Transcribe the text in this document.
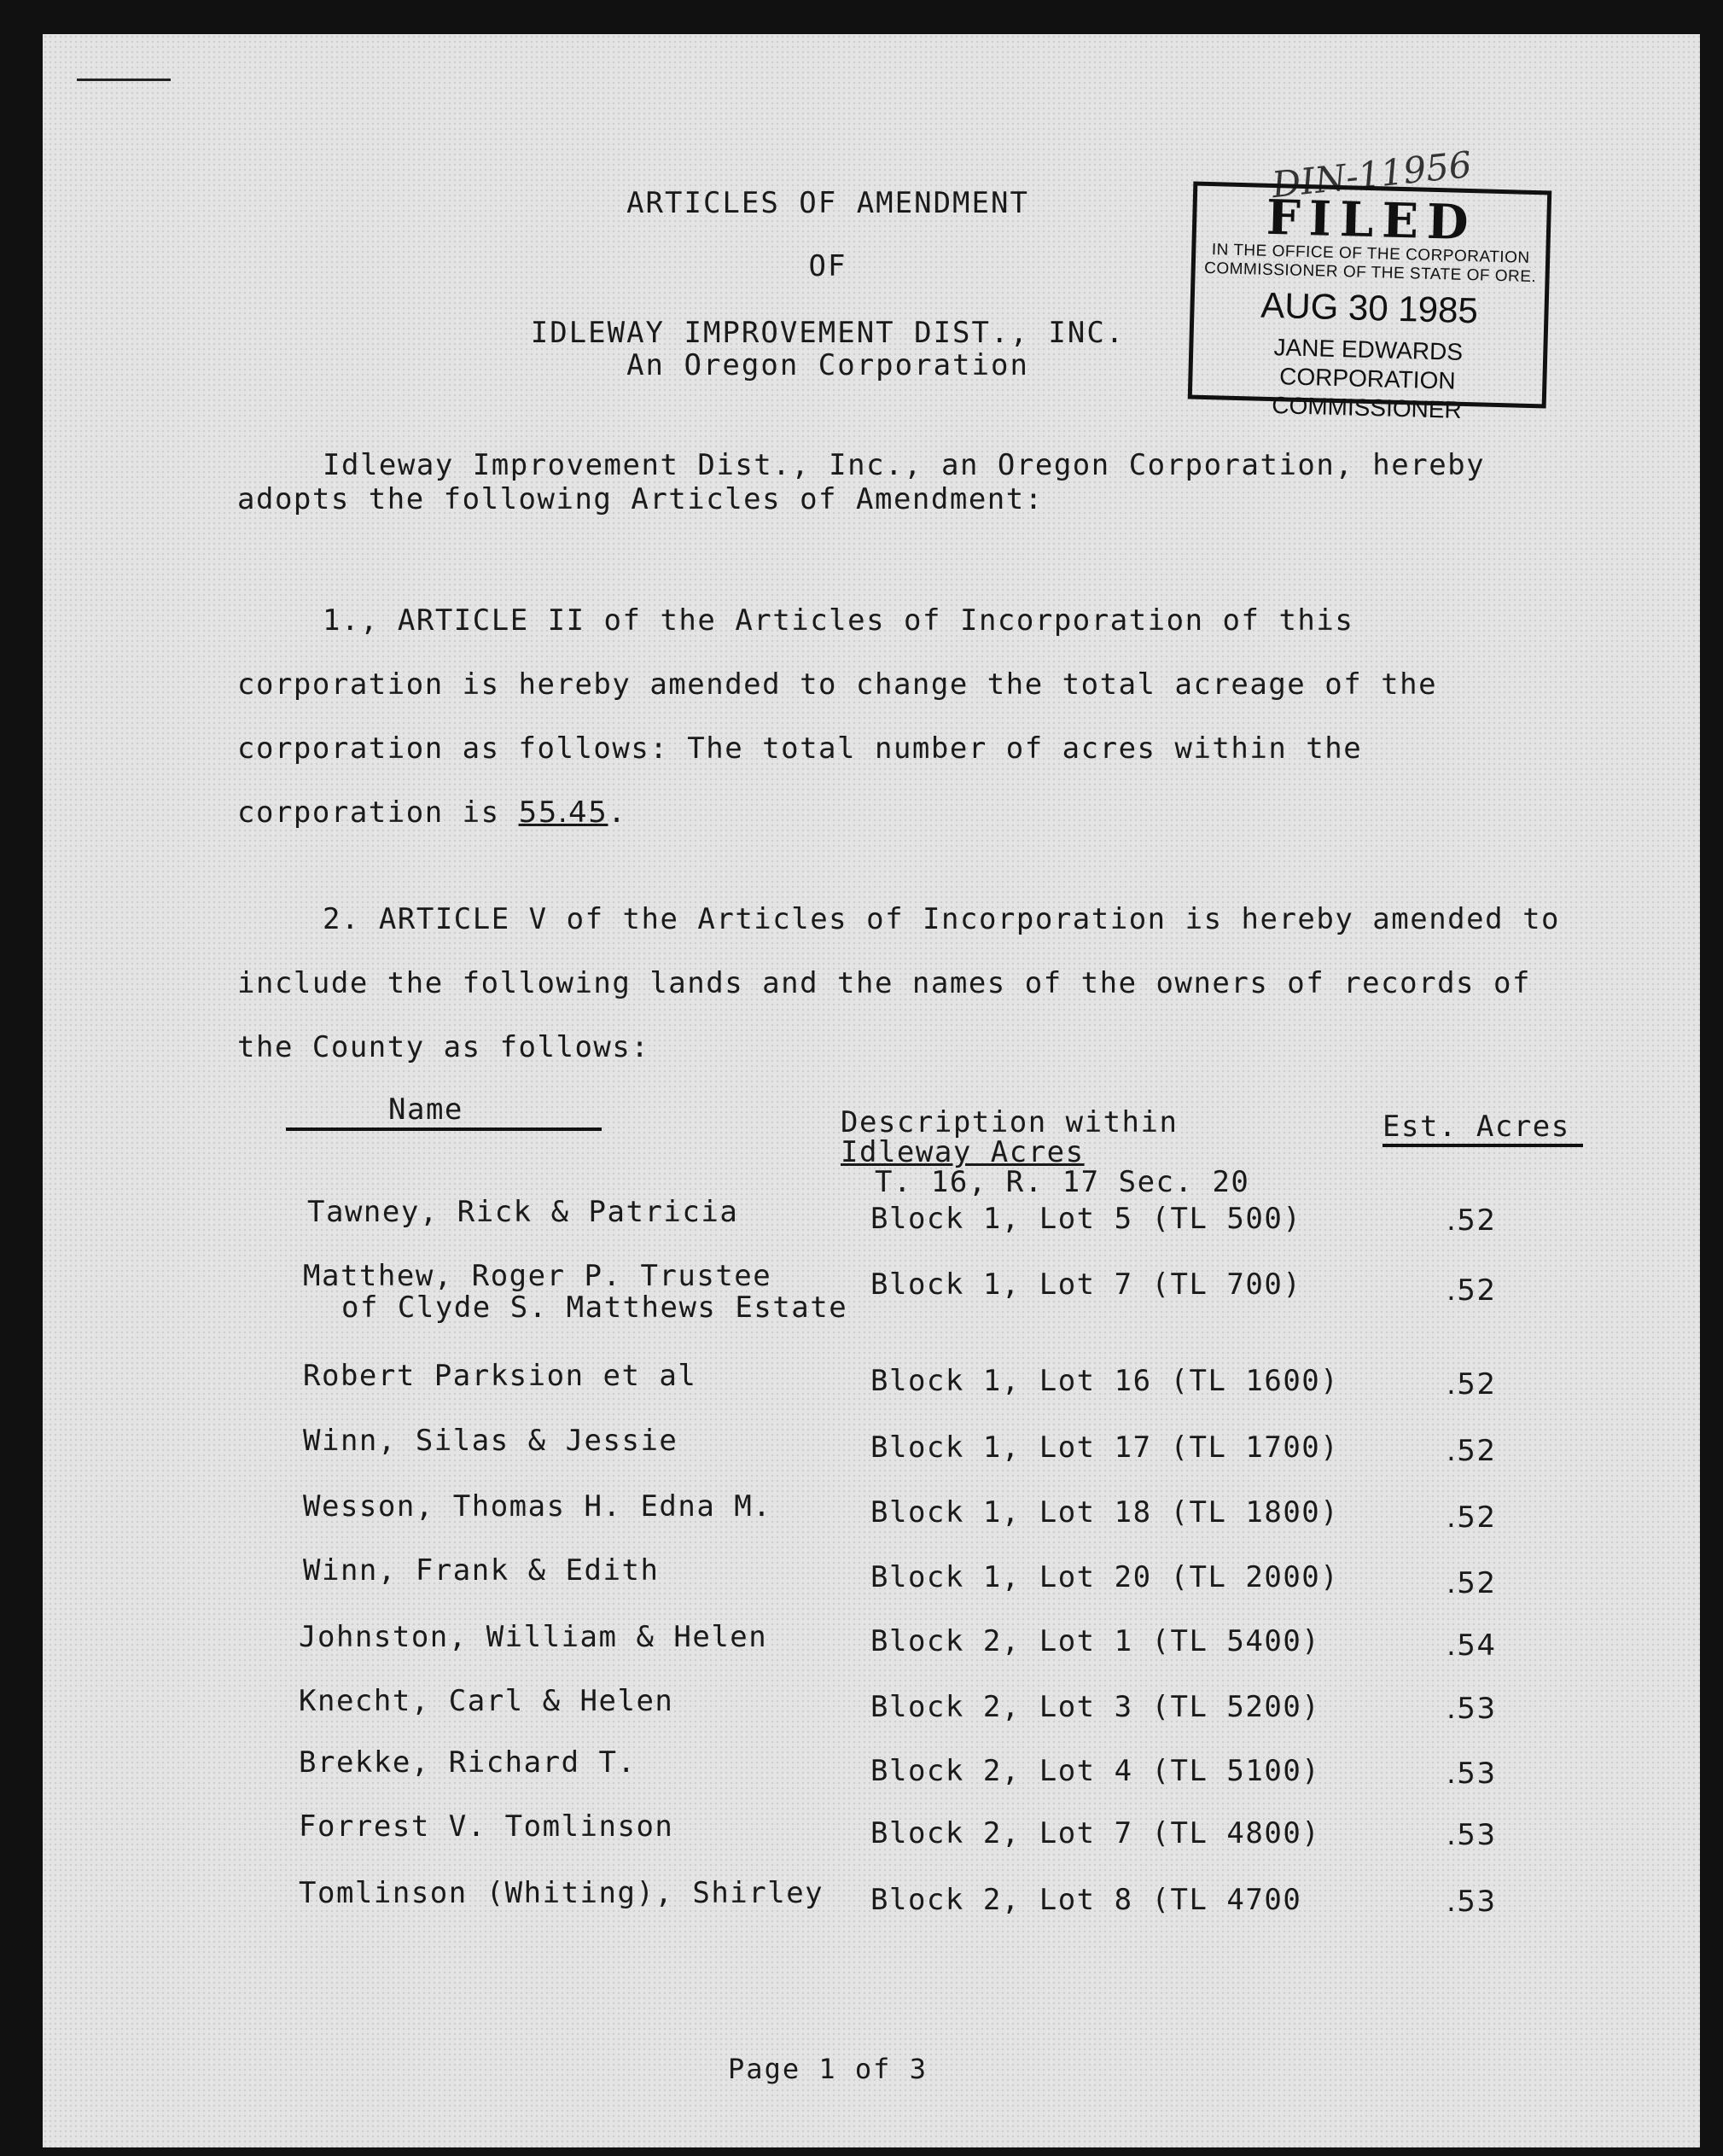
ARTICLES OF AMENDMENT
OF
IDLEWAY IMPROVEMENT DIST., INC.
An Oregon Corporation
DIN-11956
FILED
IN THE OFFICE OF THE CORPORATION
COMMISSIONER OF THE STATE OF ORE.
AUG 30 1985
JANE EDWARDS
CORPORATION COMMISSIONER
Idleway Improvement Dist., Inc., an Oregon Corporation, hereby adopts the following Articles of Amendment:
1., ARTICLE II of the Articles of Incorporation of this corporation is hereby amended to change the total acreage of the corporation as follows: The total number of acres within the corporation is 55.45.
2. ARTICLE V of the Articles of Incorporation is hereby amended to include the following lands and the names of the owners of records of the County as follows:
Name	Description within
Idleway Acres
T. 16, R. 17 Sec. 20
Est. Acres
Tawney, Rick & Patricia	Block 1, Lot 5 (TL 500)	.52
Matthew, Roger P. Trustee
of Clyde S. Matthews Estate
Block 1, Lot 7 (TL 700)	.52
Robert Parksion et al	Block 1, Lot 16 (TL 1600)	.52
Winn, Silas & Jessie	Block 1, Lot 17 (TL 1700)	.52
Wesson, Thomas H. Edna M.	Block 1, Lot 18 (TL 1800)	.52
Winn, Frank & Edith	Block 1, Lot 20 (TL 2000)	.52
Johnston, William & Helen	Block 2, Lot 1 (TL 5400)	.54
Knecht, Carl & Helen	Block 2, Lot 3 (TL 5200)	.53
Brekke, Richard T.	Block 2, Lot 4 (TL 5100)	.53
Forrest V. Tomlinson	Block 2, Lot 7 (TL 4800)	.53
Tomlinson (Whiting), Shirley Block 2, Lot 8 (TL 4700	.53
Page 1 of 3
